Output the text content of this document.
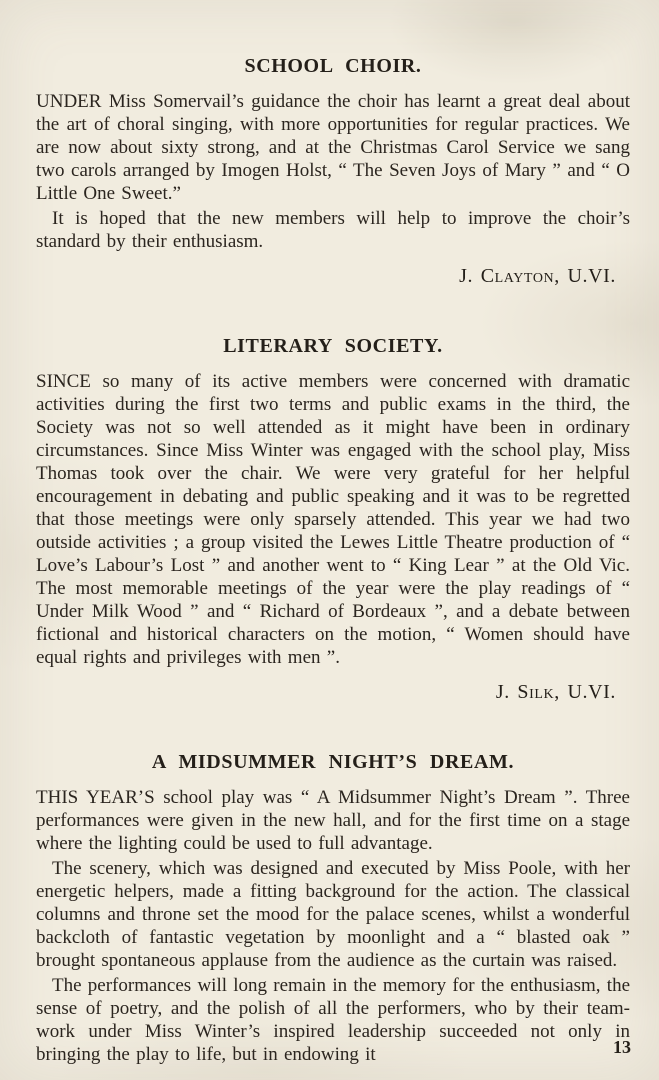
SCHOOL CHOIR.

UNDER Miss Somervail’s guidance the choir has learnt a great deal about the art of choral singing, with more opportunities for regular practices. We are now about sixty strong, and at the Christmas Carol Service we sang two carols arranged by Imogen Holst, “ The Seven Joys of Mary ” and “ O Little One Sweet.”

It is hoped that the new members will help to improve the choir’s standard by their enthusiasm.

J. Clayton, U.VI.
LITERARY SOCIETY.

SINCE so many of its active members were concerned with dramatic activities during the first two terms and public exams in the third, the Society was not so well attended as it might have been in ordinary circumstances. Since Miss Winter was engaged with the school play, Miss Thomas took over the chair. We were very grateful for her helpful encouragement in debating and public speaking and it was to be regretted that those meetings were only sparsely attended. This year we had two outside activities ; a group visited the Lewes Little Theatre production of “ Love’s Labour’s Lost ” and another went to “ King Lear ” at the Old Vic. The most memorable meetings of the year were the play readings of “ Under Milk Wood ” and “ Richard of Bordeaux ”, and a debate between fictional and historical characters on the motion, “ Women should have equal rights and privileges with men ”.

J. Silk, U.VI.
A MIDSUMMER NIGHT’S DREAM.

THIS YEAR’S school play was “ A Midsummer Night’s Dream ”. Three performances were given in the new hall, and for the first time on a stage where the lighting could be used to full advantage.

The scenery, which was designed and executed by Miss Poole, with her energetic helpers, made a fitting background for the action. The classical columns and throne set the mood for the palace scenes, whilst a wonderful backcloth of fantastic vegetation by moonlight and a “ blasted oak ” brought spontaneous applause from the audience as the curtain was raised.

The performances will long remain in the memory for the enthusiasm, the sense of poetry, and the polish of all the performers, who by their team-work under Miss Winter’s inspired leadership succeeded not only in bringing the play to life, but in endowing it	13
